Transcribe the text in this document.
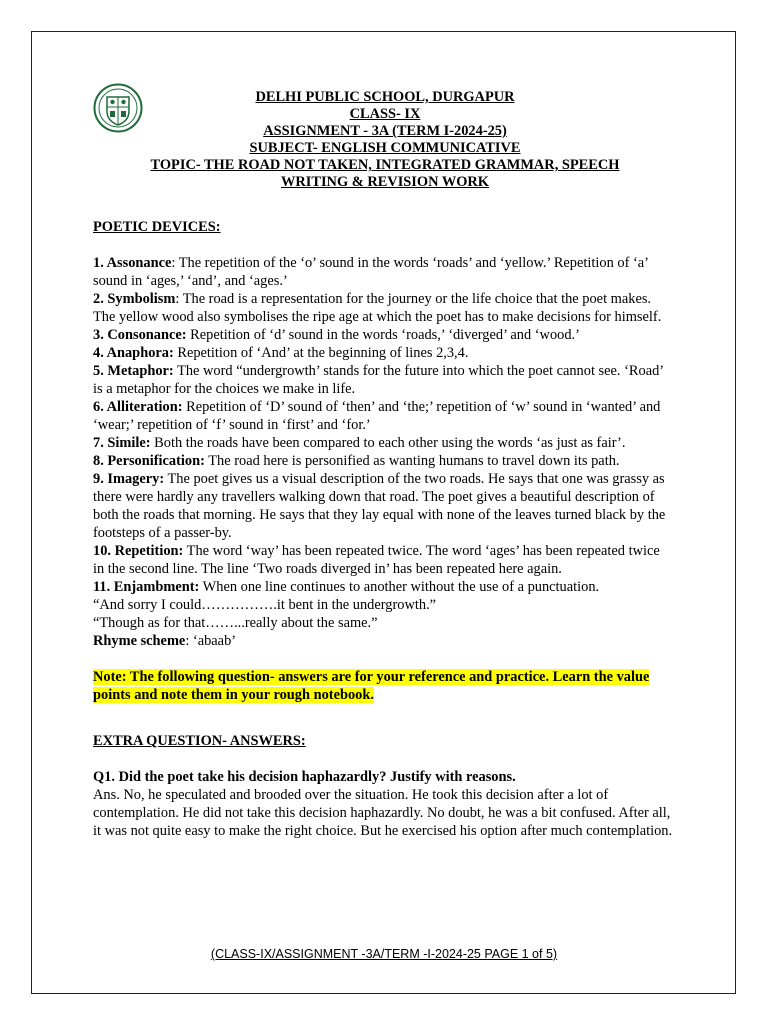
DELHI PUBLIC SCHOOL, DURGAPUR
CLASS- IX
ASSIGNMENT - 3A (TERM I-2024-25)
SUBJECT- ENGLISH COMMUNICATIVE
TOPIC- THE ROAD NOT TAKEN, INTEGRATED GRAMMAR, SPEECH
WRITING & REVISION WORK
POETIC DEVICES:
1. Assonance: The repetition of the ‘o’ sound in the words ‘roads’ and ‘yellow.’ Repetition of ‘a’ sound in ‘ages,’ ‘and’, and ‘ages.’
2. Symbolism: The road is a representation for the journey or the life choice that the poet makes. The yellow wood also symbolises the ripe age at which the poet has to make decisions for himself.
3. Consonance: Repetition of ‘d’ sound in the words ‘roads,’ ‘diverged’ and ‘wood.’
4. Anaphora: Repetition of ‘And’ at the beginning of lines 2,3,4.
5. Metaphor: The word “undergrowth’ stands for the future into which the poet cannot see. ‘Road’ is a metaphor for the choices we make in life.
6. Alliteration: Repetition of ‘D’ sound of ‘then’ and ‘the;’ repetition of ‘w’ sound in ‘wanted’ and ‘wear;’ repetition of ‘f’ sound in ‘first’ and ‘for.’
7. Simile: Both the roads have been compared to each other using the words ‘as just as fair’.
8. Personification: The road here is personified as wanting humans to travel down its path.
9. Imagery: The poet gives us a visual description of the two roads. He says that one was grassy as there were hardly any travellers walking down that road. The poet gives a beautiful description of both the roads that morning. He says that they lay equal with none of the leaves turned black by the footsteps of a passer-by.
10. Repetition: The word ‘way’ has been repeated twice. The word ‘ages’ has been repeated twice in the second line. The line ‘Two roads diverged in’ has been repeated here again.
11. Enjambment: When one line continues to another without the use of a punctuation.
“And sorry I could…………….it bent in the undergrowth.”
“Though as for that……...really about the same.”
Rhyme scheme: ‘abaab’
Note: The following question- answers are for your reference and practice. Learn the value points and note them in your rough notebook.
EXTRA QUESTION- ANSWERS:
Q1. Did the poet take his decision haphazardly? Justify with reasons.
Ans. No, he speculated and brooded over the situation. He took this decision after a lot of contemplation. He did not take this decision haphazardly. No doubt, he was a bit confused. After all, it was not quite easy to make the right choice. But he exercised his option after much contemplation.
(CLASS-IX/ASSIGNMENT -3A/TERM -I-2024-25 PAGE 1 of 5)
